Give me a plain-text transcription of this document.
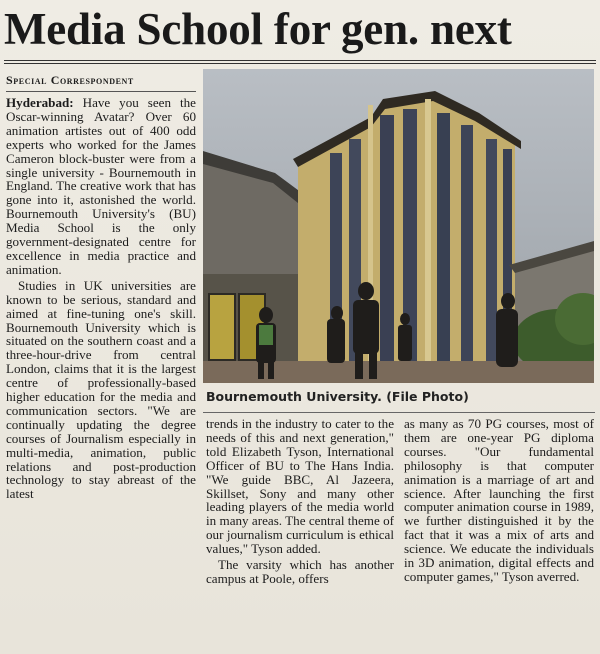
Media School for gen. next
Special Correspondent

Hyderabad: Have you seen the Oscar-winning Avatar? Over 60 animation artistes out of 400 odd experts who worked for the James Cameron block-buster were from a single university - Bournemouth in England. The creative work that has gone into it, astonished the world. Bournemouth University's (BU) Media School is the only government-designated centre for excellence in media practice and animation.

Studies in UK universities are known to be serious, standard and aimed at fine-tuning one's skill. Bournemouth University which is situated on the southern coast and a three-hour-drive from central London, claims that it is the largest centre of professionally-based higher education for the media and communication sectors. "We are continually updating the degree courses of Journalism especially in multi-media, animation, public relations and post-production technology to stay abreast of the latest

Bournemouth University. (File Photo)

trends in the industry to cater to the needs of this and next generation," told Elizabeth Tyson, International Officer of BU to The Hans India. "We guide BBC, Al Jazeera, Skillset, Sony and many other leading players of the media world in many areas. The central theme of our journalism curriculum is ethical values," Tyson added.

The varsity which has another campus at Poole, offers

as many as 70 PG courses, most of them are one-year PG diploma courses. "Our fundamental philosophy is that computer animation is a marriage of art and science. After launching the first computer animation course in 1989, we further distinguished it by the fact that it was a mix of arts and science. We educate the individuals in 3D animation, digital effects and computer games," Tyson averred.
